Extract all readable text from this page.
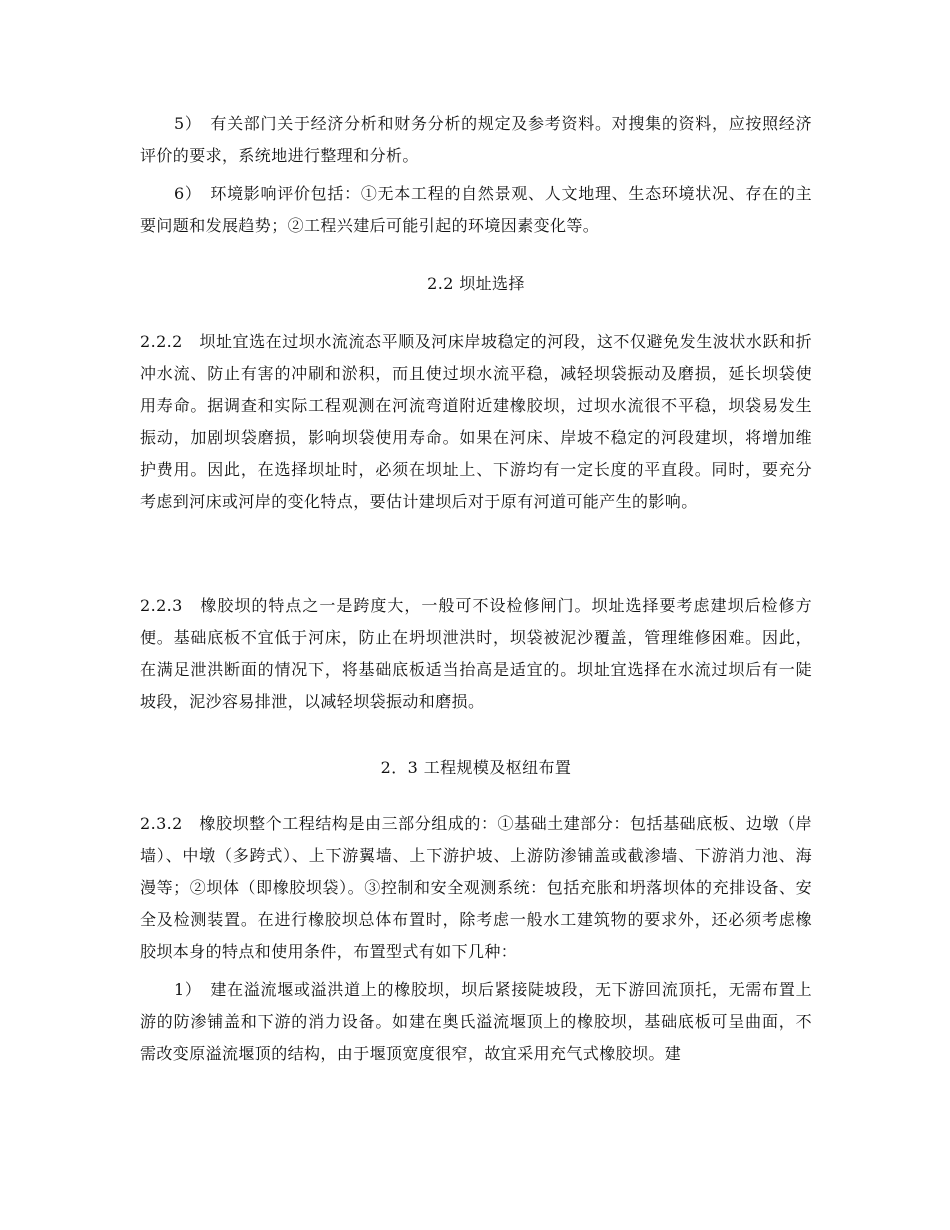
5）　有关部门关于经济分析和财务分析的规定及参考资料。对搜集的资料，应按照经济评价的要求，系统地进行整理和分析。
6）　环境影响评价包括：①无本工程的自然景观、人文地理、生态环境状况、存在的主要问题和发展趋势；②工程兴建后可能引起的环境因素变化等。
2.2 坝址选择
2.2.2　坝址宜选在过坝水流流态平顺及河床岸坡稳定的河段，这不仅避免发生波状水跃和折冲水流、防止有害的冲刷和淤积，而且使过坝水流平稳，减轻坝袋振动及磨损，延长坝袋使用寿命。据调查和实际工程观测在河流弯道附近建橡胶坝，过坝水流很不平稳，坝袋易发生振动，加剧坝袋磨损，影响坝袋使用寿命。如果在河床、岸坡不稳定的河段建坝，将增加维护费用。因此，在选择坝址时，必须在坝址上、下游均有一定长度的平直段。同时，要充分考虑到河床或河岸的变化特点，要估计建坝后对于原有河道可能产生的影响。
2.2.3　橡胶坝的特点之一是跨度大，一般可不设检修闸门。坝址选择要考虑建坝后检修方便。基础底板不宜低于河床，防止在坍坝泄洪时，坝袋被泥沙覆盖，管理维修困难。因此，在满足泄洪断面的情况下，将基础底板适当抬高是适宜的。坝址宜选择在水流过坝后有一陡坡段，泥沙容易排泄，以减轻坝袋振动和磨损。
2．3 工程规模及枢纽布置
2.3.2　橡胶坝整个工程结构是由三部分组成的：①基础土建部分：包括基础底板、边墩（岸墙）、中墩（多跨式）、上下游翼墙、上下游护坡、上游防渗铺盖或截渗墙、下游消力池、海漫等；②坝体（即橡胶坝袋）。③控制和安全观测系统：包括充胀和坍落坝体的充排设备、安全及检测装置。在进行橡胶坝总体布置时，除考虑一般水工建筑物的要求外，还必须考虑橡胶坝本身的特点和使用条件，布置型式有如下几种：
1）　建在溢流堰或溢洪道上的橡胶坝，坝后紧接陡坡段，无下游回流顶托，无需布置上游的防渗铺盖和下游的消力设备。如建在奥氏溢流堰顶上的橡胶坝，基础底板可呈曲面，不需改变原溢流堰顶的结构，由于堰顶宽度很窄，故宜采用充气式橡胶坝。建
